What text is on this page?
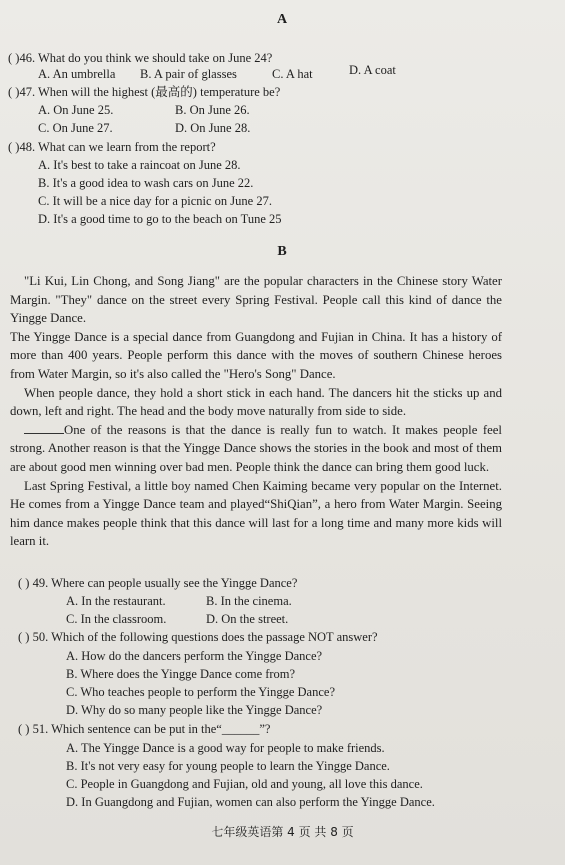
A
( )46. What do you think we should take on June 24?
A. An umbrella B. A pair of glasses	C. A hat	D. A coat
( )47. When will the highest (最高的) temperature be?
A. On June 25.	B. On June 26.
C. On June 27.	D. On June 28.
( )48. What can we learn from the report?
A. It's best to take a raincoat on June 28.
B. It's a good idea to wash cars on June 22.
C. It will be a nice day for a picnic on June 27.
D. It's a good time to go to the beach on Tune 25
B

"Li Kui, Lin Chong, and Song Jiang" are the popular characters in the Chinese story Water Margin. "They" dance on the street every Spring Festival. People call this kind of dance the Yingge Dance.

The Yingge Dance is a special dance from Guangdong and Fujian in China. It has a history of more than 400 years. People perform this dance with the moves of southern Chinese heroes from Water Margin, so it's also called the "Hero's Song" Dance.

When people dance, they hold a short stick in each hand. The dancers hit the sticks up and down, left and right. The head and the body move naturally from side to side.

One of the reasons is that the dance is really fun to watch. It makes people feel strong. Another reason is that the Yingge Dance shows the stories in the book and most of them are about good men winning over bad men. People think the dance can bring them good luck.

Last Spring Festival, a little boy named Chen Kaiming became very popular on the Internet. He comes from a Yingge Dance team and played“ShiQian”, a hero from Water Margin. Seeing him dance makes people think that this dance will last for a long time and many more kids will learn it.

( ) 49. Where can people usually see the Yingge Dance?
A. In the restaurant.	B. In the cinema.
C. In the classroom.	D. On the street.
( ) 50. Which of the following questions does the passage NOT answer?
A. How do the dancers perform the Yingge Dance?
B. Where does the Yingge Dance come from?
C. Who teaches people to perform the Yingge Dance?
D. Why do so many people like the Yingge Dance?
( ) 51. Which sentence can be put in the“______”?
A. The Yingge Dance is a good way for people to make friends.
B. It's not very easy for young people to learn the Yingge Dance.
C. People in Guangdong and Fujian, old and young, all love this dance.
D. In Guangdong and Fujian, women can also perform the Yingge Dance.
七年级英语第 4 页 共 8 页
